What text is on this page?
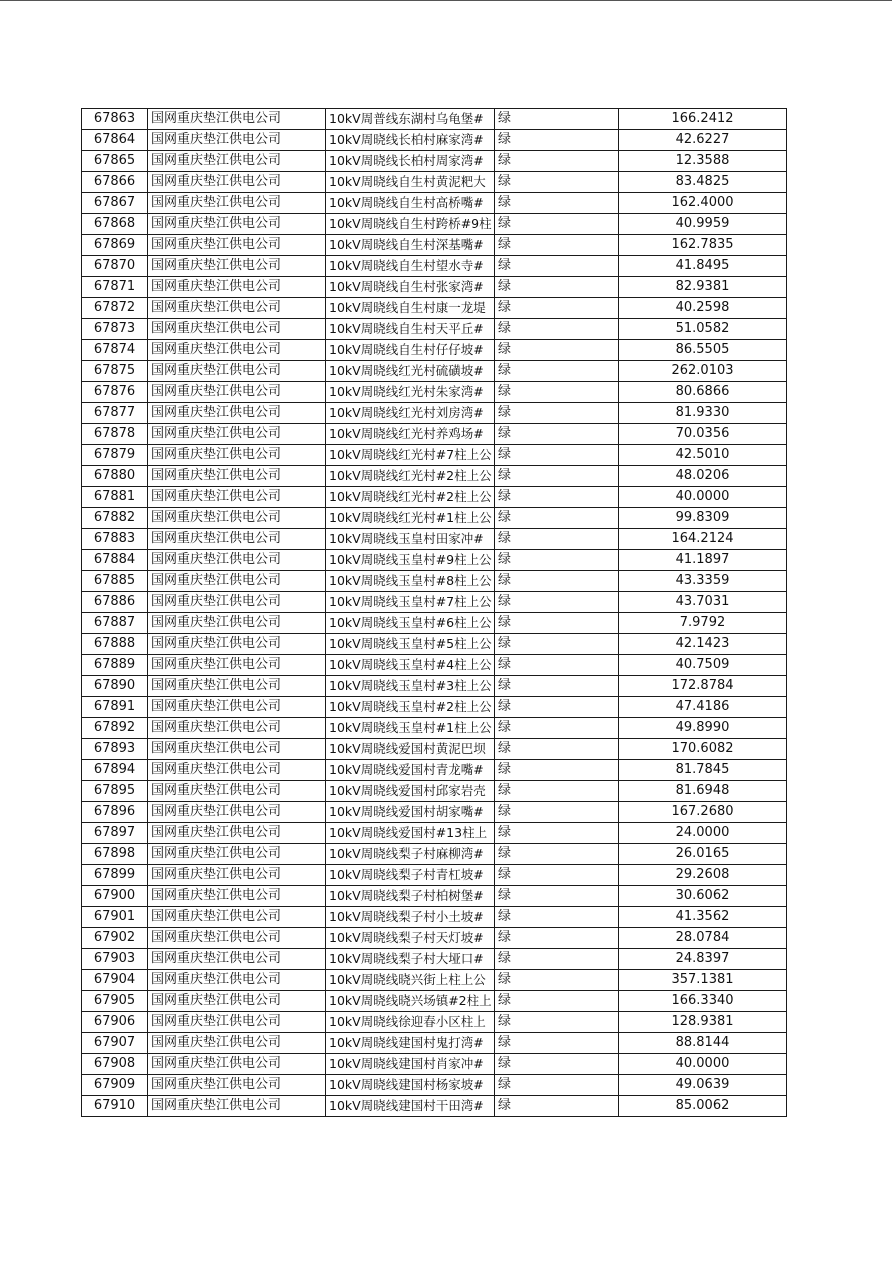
67863	国网重庆垫江供电公司	10kV周普线东湖村乌龟堡#	绿	166.2412
67864	国网重庆垫江供电公司	10kV周晓线长柏村麻家湾#	绿	42.6227
67865	国网重庆垫江供电公司	10kV周晓线长柏村周家湾#	绿	12.3588
67866	国网重庆垫江供电公司	10kV周晓线自生村黄泥粑大	绿	83.4825
67867	国网重庆垫江供电公司	10kV周晓线自生村高桥嘴#	绿	162.4000
67868	国网重庆垫江供电公司	10kV周晓线自生村跨桥#9柱	绿	40.9959
67869	国网重庆垫江供电公司	10kV周晓线自生村深基嘴#	绿	162.7835
67870	国网重庆垫江供电公司	10kV周晓线自生村望水寺#	绿	41.8495
67871	国网重庆垫江供电公司	10kV周晓线自生村张家湾#	绿	82.9381
67872	国网重庆垫江供电公司	10kV周晓线自生村康一龙堤	绿	40.2598
67873	国网重庆垫江供电公司	10kV周晓线自生村天平丘#	绿	51.0582
67874	国网重庆垫江供电公司	10kV周晓线自生村仔仔坡#	绿	86.5505
67875	国网重庆垫江供电公司	10kV周晓线红光村硫磺坡#	绿	262.0103
67876	国网重庆垫江供电公司	10kV周晓线红光村朱家湾#	绿	80.6866
67877	国网重庆垫江供电公司	10kV周晓线红光村刘房湾#	绿	81.9330
67878	国网重庆垫江供电公司	10kV周晓线红光村养鸡场#	绿	70.0356
67879	国网重庆垫江供电公司	10kV周晓线红光村#7柱上公	绿	42.5010
67880	国网重庆垫江供电公司	10kV周晓线红光村#2柱上公	绿	48.0206
67881	国网重庆垫江供电公司	10kV周晓线红光村#2柱上公	绿	40.0000
67882	国网重庆垫江供电公司	10kV周晓线红光村#1柱上公	绿	99.8309
67883	国网重庆垫江供电公司	10kV周晓线玉皇村田家冲#	绿	164.2124
67884	国网重庆垫江供电公司	10kV周晓线玉皇村#9柱上公	绿	41.1897
67885	国网重庆垫江供电公司	10kV周晓线玉皇村#8柱上公	绿	43.3359
67886	国网重庆垫江供电公司	10kV周晓线玉皇村#7柱上公	绿	43.7031
67887	国网重庆垫江供电公司	10kV周晓线玉皇村#6柱上公	绿	7.9792
67888	国网重庆垫江供电公司	10kV周晓线玉皇村#5柱上公	绿	42.1423
67889	国网重庆垫江供电公司	10kV周晓线玉皇村#4柱上公	绿	40.7509
67890	国网重庆垫江供电公司	10kV周晓线玉皇村#3柱上公	绿	172.8784
67891	国网重庆垫江供电公司	10kV周晓线玉皇村#2柱上公	绿	47.4186
67892	国网重庆垫江供电公司	10kV周晓线玉皇村#1柱上公	绿	49.8990
67893	国网重庆垫江供电公司	10kV周晓线爱国村黄泥巴坝	绿	170.6082
67894	国网重庆垫江供电公司	10kV周晓线爱国村青龙嘴#	绿	81.7845
67895	国网重庆垫江供电公司	10kV周晓线爱国村邱家岩壳	绿	81.6948
67896	国网重庆垫江供电公司	10kV周晓线爱国村胡家嘴#	绿	167.2680
67897	国网重庆垫江供电公司	10kV周晓线爱国村#13柱上	绿	24.0000
67898	国网重庆垫江供电公司	10kV周晓线梨子村麻柳湾#	绿	26.0165
67899	国网重庆垫江供电公司	10kV周晓线梨子村青杠坡#	绿	29.2608
67900	国网重庆垫江供电公司	10kV周晓线梨子村柏树堡#	绿	30.6062
67901	国网重庆垫江供电公司	10kV周晓线梨子村小土坡#	绿	41.3562
67902	国网重庆垫江供电公司	10kV周晓线梨子村天灯坡#	绿	28.0784
67903	国网重庆垫江供电公司	10kV周晓线梨子村大垭口#	绿	24.8397
67904	国网重庆垫江供电公司	10kV周晓线晓兴街上柱上公	绿	357.1381
67905	国网重庆垫江供电公司	10kV周晓线晓兴场镇#2柱上	绿	166.3340
67906	国网重庆垫江供电公司	10kV周晓线徐迎春小区柱上	绿	128.9381
67907	国网重庆垫江供电公司	10kV周晓线建国村鬼打湾#	绿	88.8144
67908	国网重庆垫江供电公司	10kV周晓线建国村肖家冲#	绿	40.0000
67909	国网重庆垫江供电公司	10kV周晓线建国村杨家坡#	绿	49.0639
67910	国网重庆垫江供电公司	10kV周晓线建国村干田湾#	绿	85.0062
